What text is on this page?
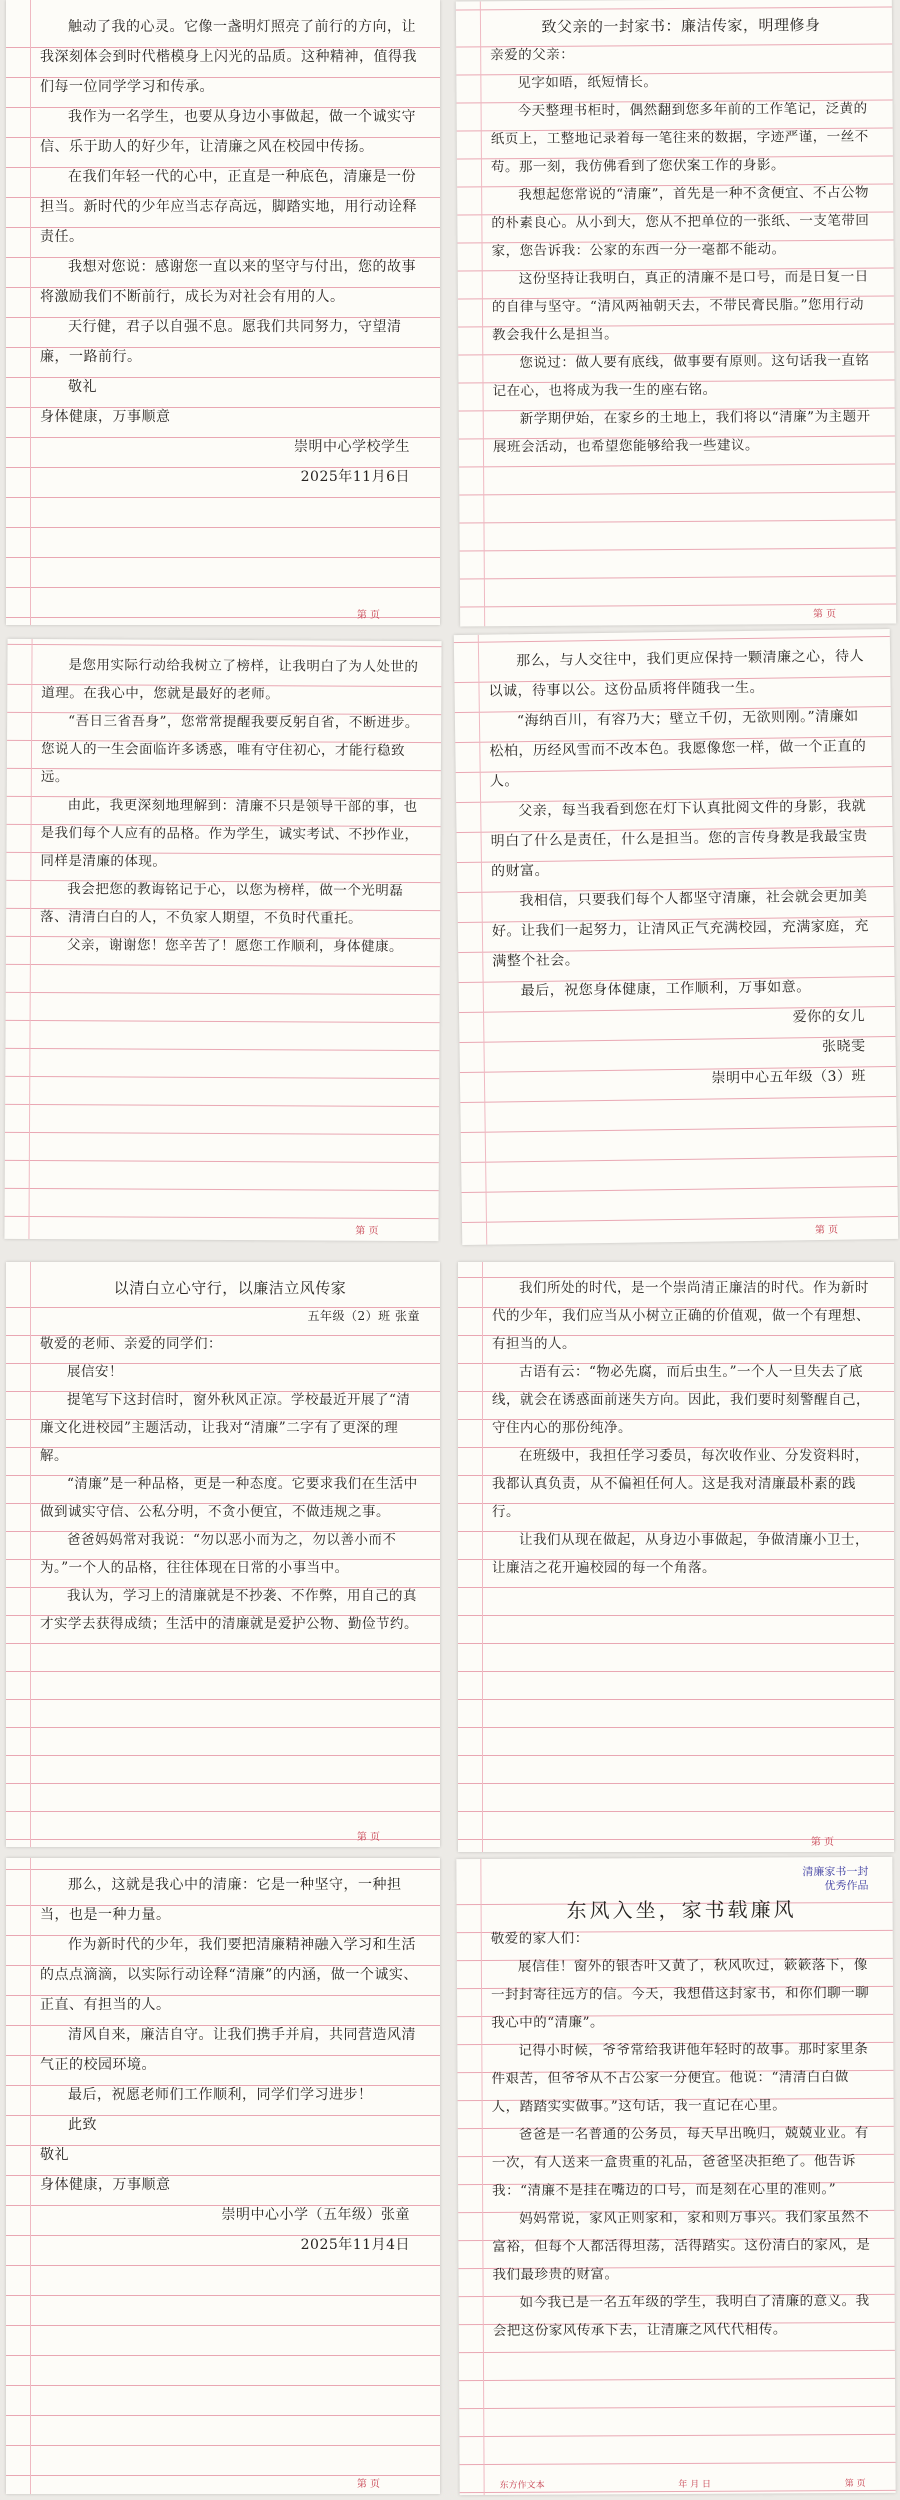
触动了我的心灵。它像一盏明灯照亮了前行的方向，让我深刻体会到时代楷模身上闪光的品质。这种精神，值得我们每一位同学学习和传承。

我作为一名学生，也要从身边小事做起，做一个诚实守信、乐于助人的好少年，让清廉之风在校园中传扬。

在我们年轻一代的心中，正直是一种底色，清廉是一份担当。新时代的少年应当志存高远，脚踏实地，用行动诠释责任。

我想对您说：感谢您一直以来的坚守与付出，您的故事将激励我们不断前行，成长为对社会有用的人。

天行健，君子以自强不息。愿我们共同努力，守望清廉，一路前行。

敬礼

身体健康，万事顺意

崇明中心学校学生

2025年11月6日

第 页

致父亲的一封家书：廉洁传家，明理修身

亲爱的父亲：

见字如晤，纸短情长。

今天整理书柜时，偶然翻到您多年前的工作笔记，泛黄的纸页上，工整地记录着每一笔往来的数据，字迹严谨，一丝不苟。那一刻，我仿佛看到了您伏案工作的身影。

我想起您常说的“清廉”，首先是一种不贪便宜、不占公物的朴素良心。从小到大，您从不把单位的一张纸、一支笔带回家，您告诉我：公家的东西一分一毫都不能动。

这份坚持让我明白，真正的清廉不是口号，而是日复一日的自律与坚守。“清风两袖朝天去，不带民膏民脂。”您用行动教会我什么是担当。

您说过：做人要有底线，做事要有原则。这句话我一直铭记在心，也将成为我一生的座右铭。

新学期伊始，在家乡的土地上，我们将以“清廉”为主题开展班会活动，也希望您能够给我一些建议。

第 页

是您用实际行动给我树立了榜样，让我明白了为人处世的道理。在我心中，您就是最好的老师。

“吾日三省吾身”，您常常提醒我要反躬自省，不断进步。您说人的一生会面临许多诱惑，唯有守住初心，才能行稳致远。

由此，我更深刻地理解到：清廉不只是领导干部的事，也是我们每个人应有的品格。作为学生，诚实考试、不抄作业，同样是清廉的体现。

我会把您的教诲铭记于心，以您为榜样，做一个光明磊落、清清白白的人，不负家人期望，不负时代重托。

父亲，谢谢您！您辛苦了！愿您工作顺利，身体健康。

第 页

那么，与人交往中，我们更应保持一颗清廉之心，待人以诚，待事以公。这份品质将伴随我一生。

“海纳百川，有容乃大；壁立千仞，无欲则刚。”清廉如松柏，历经风雪而不改本色。我愿像您一样，做一个正直的人。

父亲，每当我看到您在灯下认真批阅文件的身影，我就明白了什么是责任，什么是担当。您的言传身教是我最宝贵的财富。

我相信，只要我们每个人都坚守清廉，社会就会更加美好。让我们一起努力，让清风正气充满校园，充满家庭，充满整个社会。

最后，祝您身体健康，工作顺利，万事如意。

爱你的女儿

张晓雯

崇明中心五年级（3）班

第 页

以清白立心守行，以廉洁立风传家

五年级（2）班 张童

敬爱的老师、亲爱的同学们：

展信安！

提笔写下这封信时，窗外秋风正凉。学校最近开展了“清廉文化进校园”主题活动，让我对“清廉”二字有了更深的理解。

“清廉”是一种品格，更是一种态度。它要求我们在生活中做到诚实守信、公私分明，不贪小便宜，不做违规之事。

爸爸妈妈常对我说：“勿以恶小而为之，勿以善小而不为。”一个人的品格，往往体现在日常的小事当中。

我认为，学习上的清廉就是不抄袭、不作弊，用自己的真才实学去获得成绩；生活中的清廉就是爱护公物、勤俭节约。

第 页

我们所处的时代，是一个崇尚清正廉洁的时代。作为新时代的少年，我们应当从小树立正确的价值观，做一个有理想、有担当的人。

古语有云：“物必先腐，而后虫生。”一个人一旦失去了底线，就会在诱惑面前迷失方向。因此，我们要时刻警醒自己，守住内心的那份纯净。

在班级中，我担任学习委员，每次收作业、分发资料时，我都认真负责，从不偏袒任何人。这是我对清廉最朴素的践行。

让我们从现在做起，从身边小事做起，争做清廉小卫士，让廉洁之花开遍校园的每一个角落。

第 页

那么，这就是我心中的清廉：它是一种坚守，一种担当，也是一种力量。

作为新时代的少年，我们要把清廉精神融入学习和生活的点点滴滴，以实际行动诠释“清廉”的内涵，做一个诚实、正直、有担当的人。

清风自来，廉洁自守。让我们携手并肩，共同营造风清气正的校园环境。

最后，祝愿老师们工作顺利，同学们学习进步！

此致

敬礼

身体健康，万事顺意

崇明中心小学（五年级）张童

2025年11月4日

第 页
清廉家书一封
优秀作品

东风入坐，家书载廉风

敬爱的家人们：

展信佳！窗外的银杏叶又黄了，秋风吹过，簌簌落下，像一封封寄往远方的信。今天，我想借这封家书，和你们聊一聊我心中的“清廉”。

记得小时候，爷爷常给我讲他年轻时的故事。那时家里条件艰苦，但爷爷从不占公家一分便宜。他说：“清清白白做人，踏踏实实做事。”这句话，我一直记在心里。

爸爸是一名普通的公务员，每天早出晚归，兢兢业业。有一次，有人送来一盒贵重的礼品，爸爸坚决拒绝了。他告诉我：“清廉不是挂在嘴边的口号，而是刻在心里的准则。”

妈妈常说，家风正则家和，家和则万事兴。我们家虽然不富裕，但每个人都活得坦荡，活得踏实。这份清白的家风，是我们最珍贵的财富。

如今我已是一名五年级的学生，我明白了清廉的意义。我会把这份家风传承下去，让清廉之风代代相传。

东方作文本	年 月 日	第 页
